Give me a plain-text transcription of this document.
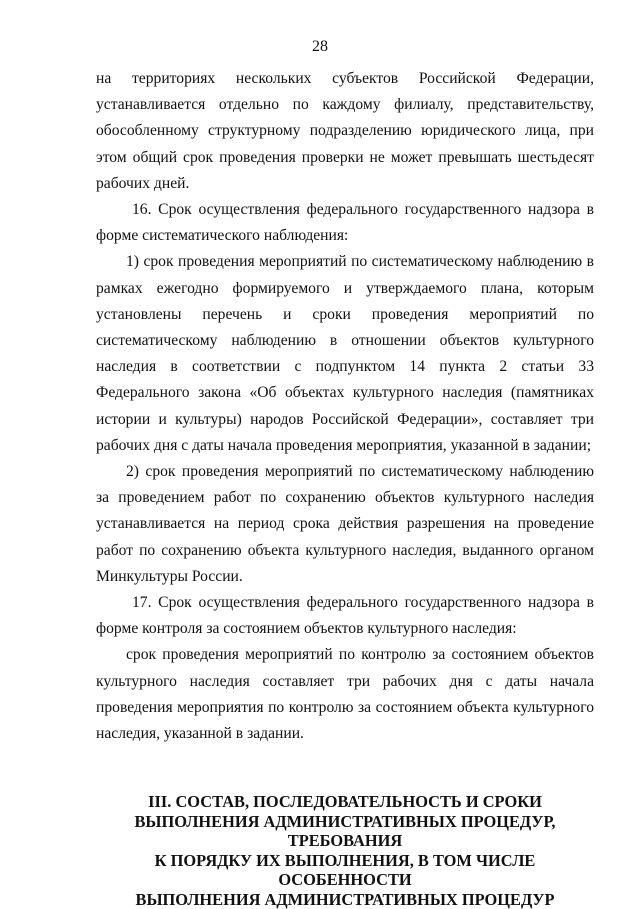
28

на территориях нескольких субъектов Российской Федерации, устанавливается отдельно по каждому филиалу, представительству, обособленному структурному подразделению юридического лица, при этом общий срок проведения проверки не может превышать шестьдесят рабочих дней.

16. Срок осуществления федерального государственного надзора в форме систематического наблюдения:

1) срок проведения мероприятий по систематическому наблюдению в рамках ежегодно формируемого и утверждаемого плана, которым установлены перечень и сроки проведения мероприятий по систематическому наблюдению в отношении объектов культурного наследия в соответствии с подпунктом 14 пункта 2 статьи 33 Федерального закона «Об объектах культурного наследия (памятниках истории и культуры) народов Российской Федерации», составляет три рабочих дня с даты начала проведения мероприятия, указанной в задании;

2) срок проведения мероприятий по систематическому наблюдению за проведением работ по сохранению объектов культурного наследия устанавливается на период срока действия разрешения на проведение работ по сохранению объекта культурного наследия, выданного органом Минкультуры России.

17. Срок осуществления федерального государственного надзора в форме контроля за состоянием объектов культурного наследия:

срок проведения мероприятий по контролю за состоянием объектов культурного наследия составляет три рабочих дня с даты начала проведения мероприятия по контролю за состоянием объекта культурного наследия, указанной в задании.

III. СОСТАВ, ПОСЛЕДОВАТЕЛЬНОСТЬ И СРОКИ
ВЫПОЛНЕНИЯ АДМИНИСТРАТИВНЫХ ПРОЦЕДУР, ТРЕБОВАНИЯ
К ПОРЯДКУ ИХ ВЫПОЛНЕНИЯ, В ТОМ ЧИСЛЕ ОСОБЕННОСТИ
ВЫПОЛНЕНИЯ АДМИНИСТРАТИВНЫХ ПРОЦЕДУР
